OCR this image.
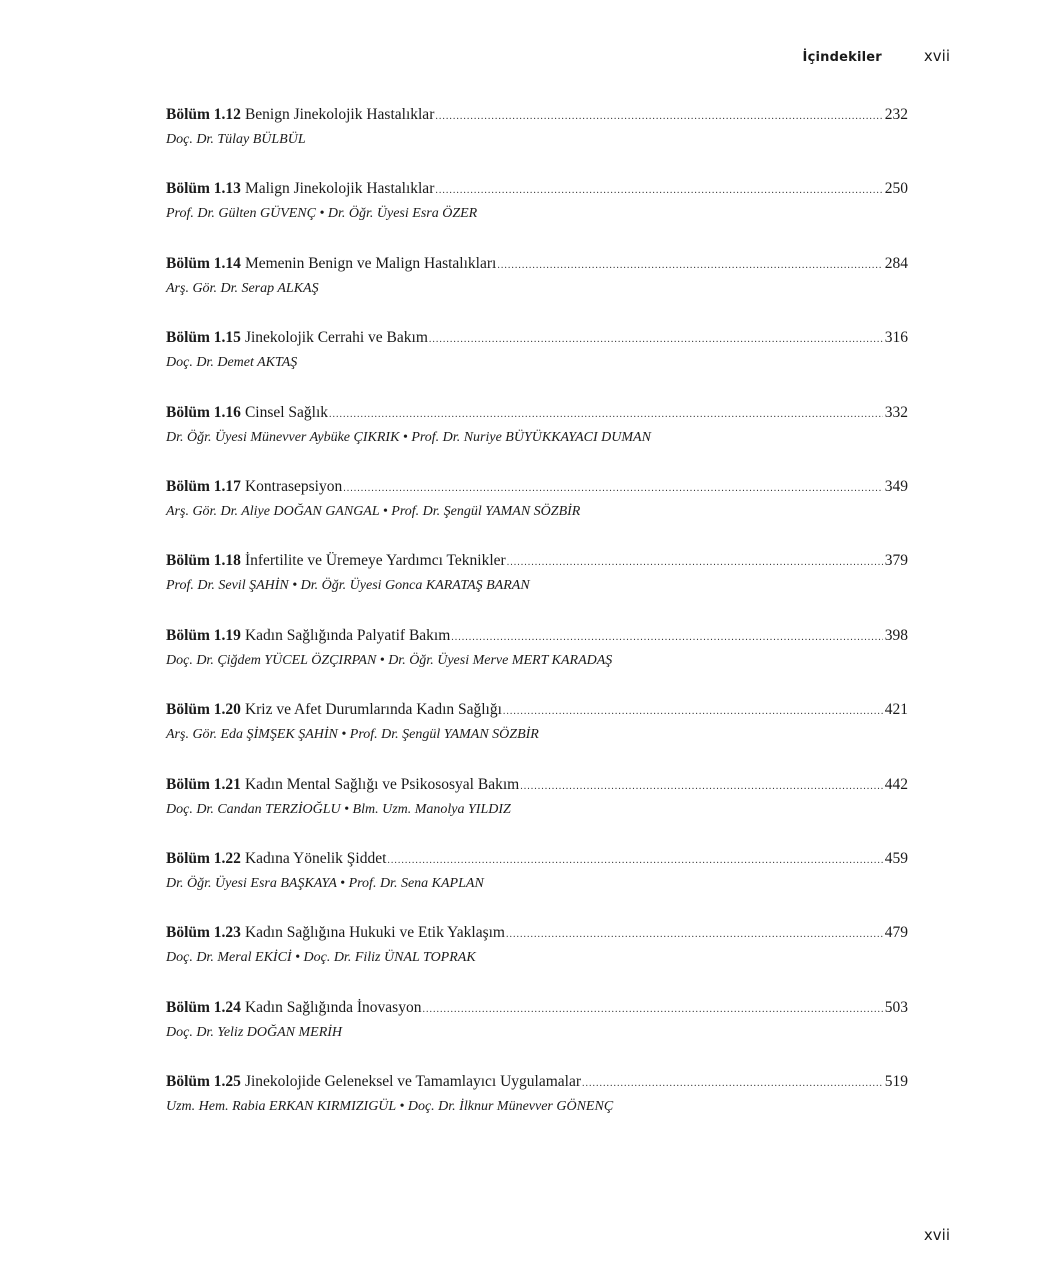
İçindekiler	xvii
Bölüm 1.12 Benign Jinekolojik Hastalıklar .....	232
Doç. Dr. Tülay BÜLBÜL
Bölüm 1.13 Malign Jinekolojik Hastalıklar .....	250
Prof. Dr. Gülten GÜVENÇ • Dr. Öğr. Üyesi Esra ÖZER
Bölüm 1.14 Memenin Benign ve Malign Hastalıkları .....	284
Arş. Gör. Dr. Serap ALKAŞ
Bölüm 1.15 Jinekolojik Cerrahi ve Bakım .....	316
Doç. Dr. Demet AKTAŞ
Bölüm 1.16 Cinsel Sağlık .....	332
Dr. Öğr. Üyesi Münevver Aybüke ÇIKRIK • Prof. Dr. Nuriye BÜYÜKKAYACI DUMAN
Bölüm 1.17 Kontrasepsiyon .....	349
Arş. Gör. Dr. Aliye DOĞAN GANGAL • Prof. Dr. Şengül YAMAN SÖZBİR
Bölüm 1.18 İnfertilite ve Üremeye Yardımcı Teknikler .....	379
Prof. Dr. Sevil ŞAHİN • Dr. Öğr. Üyesi Gonca KARATAŞ BARAN
Bölüm 1.19 Kadın Sağlığında Palyatif Bakım .....	398
Doç. Dr. Çiğdem YÜCEL ÖZÇIRPAN • Dr. Öğr. Üyesi Merve MERT KARADAŞ
Bölüm 1.20 Kriz ve Afet Durumlarında Kadın Sağlığı .....	421
Arş. Gör. Eda ŞİMŞEK ŞAHİN • Prof. Dr. Şengül YAMAN SÖZBİR
Bölüm 1.21 Kadın Mental Sağlığı ve Psikososyal Bakım .....	442
Doç. Dr. Candan TERZİOĞLU • Blm. Uzm. Manolya YILDIZ
Bölüm 1.22 Kadına Yönelik Şiddet .....	459
Dr. Öğr. Üyesi Esra BAŞKAYA • Prof. Dr. Sena KAPLAN
Bölüm 1.23 Kadın Sağlığına Hukuki ve Etik Yaklaşım .....	479
Doç. Dr. Meral EKİCİ • Doç. Dr. Filiz ÜNAL TOPRAK
Bölüm 1.24 Kadın Sağlığında İnovasyon .....	503
Doç. Dr. Yeliz DOĞAN MERİH
Bölüm 1.25 Jinekolojide Geleneksel ve Tamamlayıcı Uygulamalar .....	519
Uzm. Hem. Rabia ERKAN KIRMIZIGÜL • Doç. Dr. İlknur Münevver GÖNENÇ
xvii
